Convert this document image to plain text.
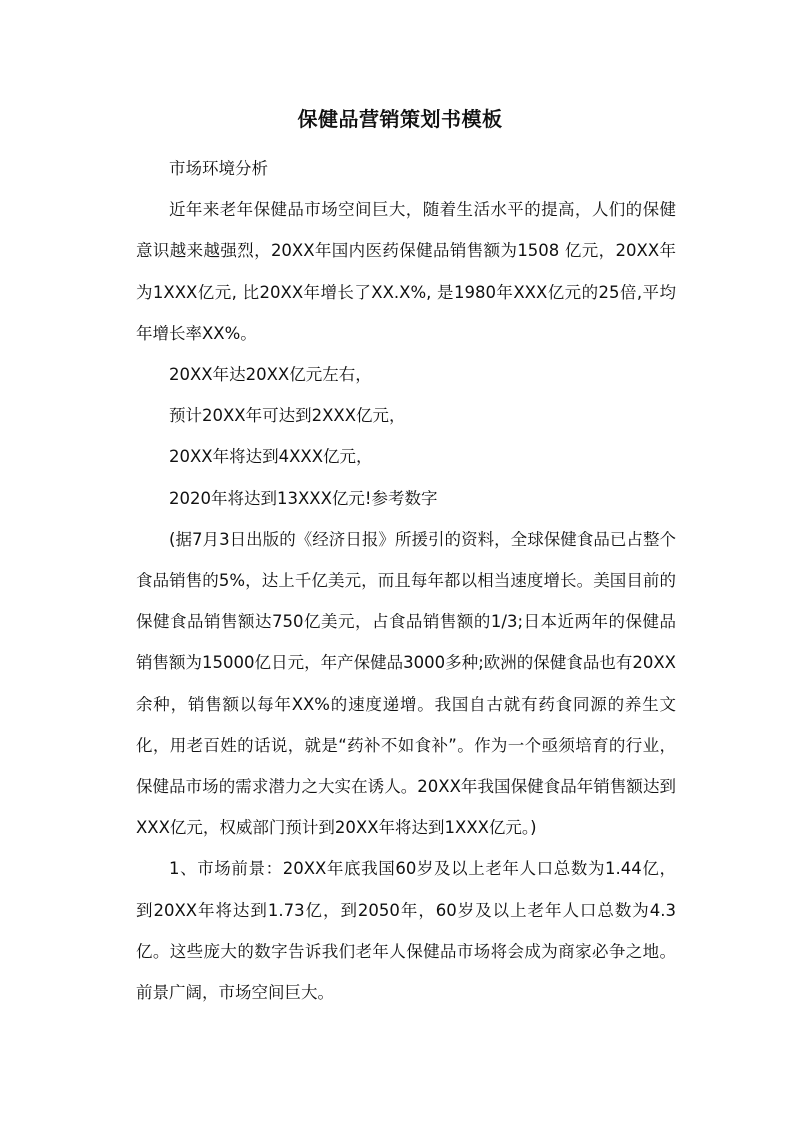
保健品营销策划书模板

市场环境分析

近年来老年保健品市场空间巨大，随着生活水平的提高，人们的保健意识越来越强烈，20XX年国内医药保健品销售额为1508 亿元，20XX年为1XXX亿元, 比20XX年增长了XX.X%, 是1980年XXX亿元的25倍,平均年增长率XX%。

20XX年达20XX亿元左右，

预计20XX年可达到2XXX亿元，

20XX年将达到4XXX亿元，

2020年将达到13XXX亿元!参考数字

(据7月3日出版的《经济日报》所援引的资料，全球保健食品已占整个食品销售的5%，达上千亿美元，而且每年都以相当速度增长。美国目前的保健食品销售额达750亿美元，占食品销售额的1/3;日本近两年的保健品销售额为15000亿日元，年产保健品3000多种;欧洲的保健食品也有20XX余种，销售额以每年XX%的速度递增。我国自古就有药食同源的养生文化，用老百姓的话说，就是“药补不如食补”。作为一个亟须培育的行业，保健品市场的需求潜力之大实在诱人。20XX年我国保健食品年销售额达到XXX亿元，权威部门预计到20XX年将达到1XXX亿元。)

1、市场前景：20XX年底我国60岁及以上老年人口总数为1.44亿，到20XX年将达到1.73亿，到2050年，60岁及以上老年人口总数为4.3亿。这些庞大的数字告诉我们老年人保健品市场将会成为商家必争之地。前景广阔，市场空间巨大。
